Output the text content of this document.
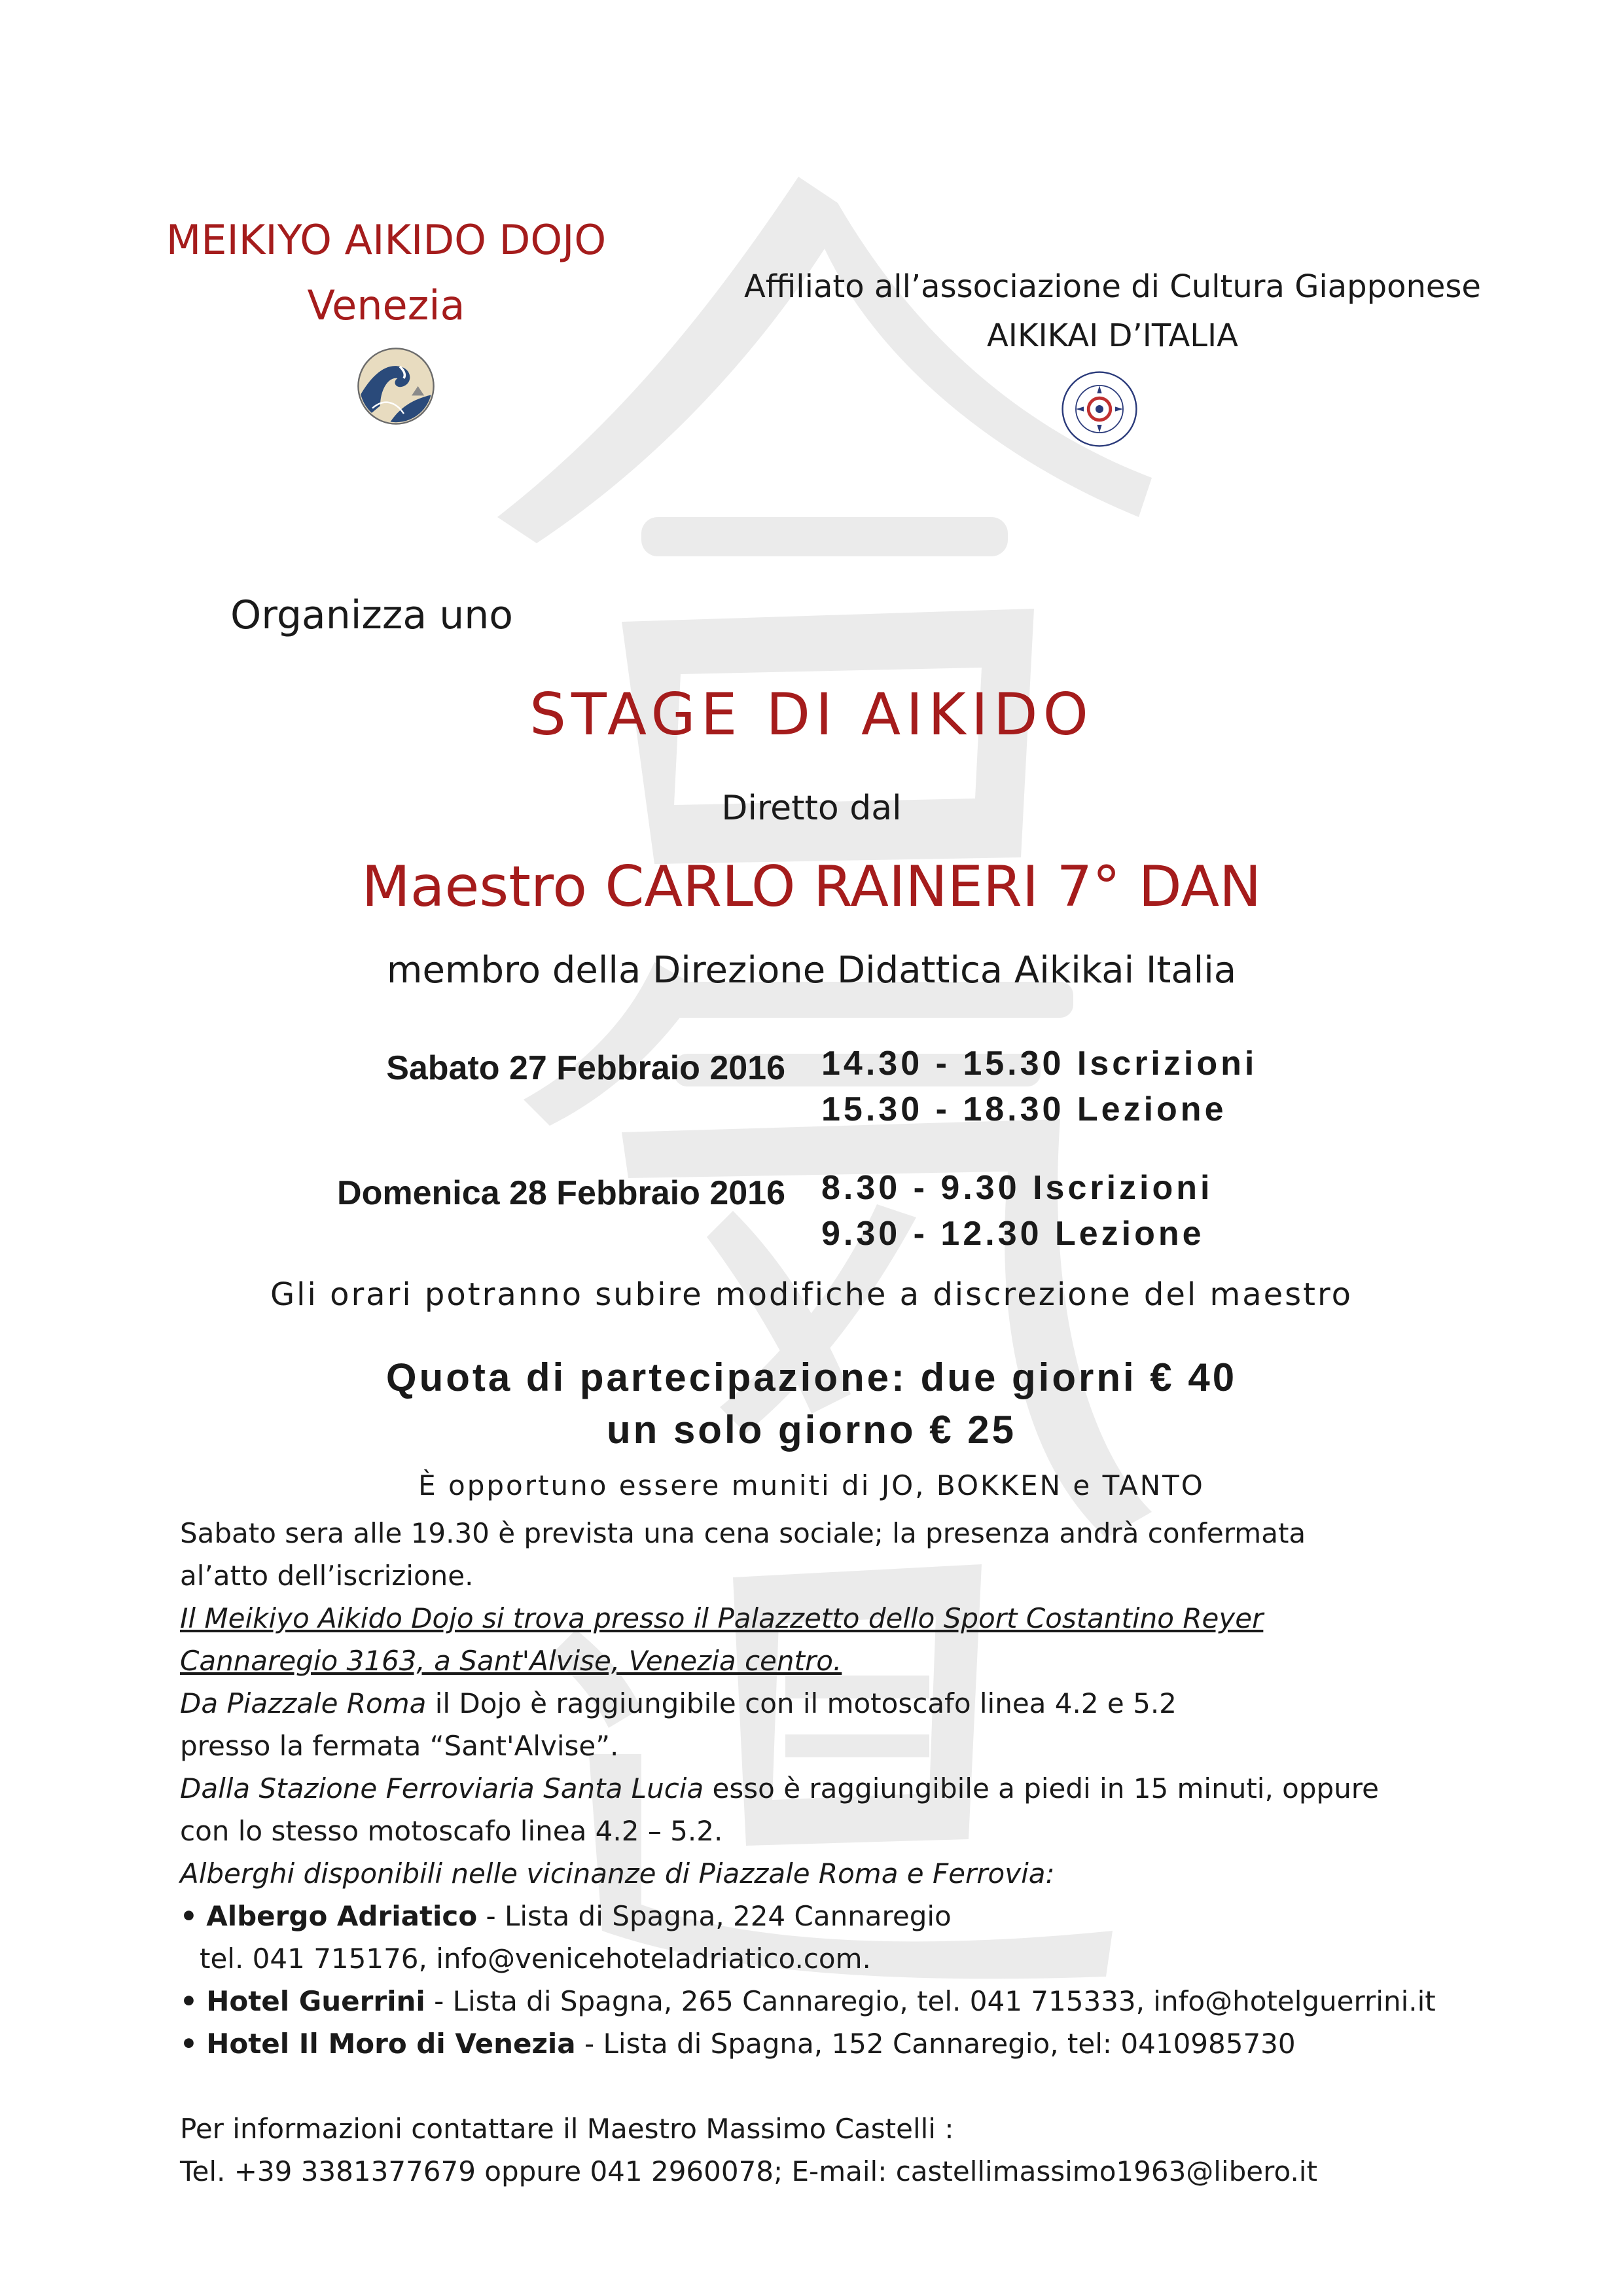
MEIKIYO AIKIDO DOJO
Venezia	Affiliato all’associazione di Cultura Giapponese
AIKIKAI D’ITALIA
Organizza uno
STAGE DI AIKIDO
Diretto dal
Maestro CARLO RAINERI 7° DAN
membro della Direzione Didattica Aikikai Italia
Sabato 27 Febbraio 2016 14.30 - 15.30 Iscrizioni
15.30 - 18.30 Lezione
Domenica 28 Febbraio 2016 8.30 - 9.30 Iscrizioni
9.30 - 12.30 Lezione
Gli orari potranno subire modifiche a discrezione del maestro
Quota di partecipazione: due giorni € 40
un solo giorno € 25
È opportuno essere muniti di JO, BOKKEN e TANTO
Sabato sera alle 19.30 è prevista una cena sociale; la presenza andrà confermata
al’atto dell’iscrizione.
Il Meikiyo Aikido Dojo si trova presso il Palazzetto dello Sport Costantino Reyer
Cannaregio 3163, a Sant'Alvise, Venezia centro.
Da Piazzale Roma il Dojo è raggiungibile con il motoscafo linea 4.2 e 5.2
presso la fermata “Sant'Alvise”.
Dalla Stazione Ferroviaria Santa Lucia esso è raggiungibile a piedi in 15 minuti, oppure
con lo stesso motoscafo linea 4.2 – 5.2.
Alberghi disponibili nelle vicinanze di Piazzale Roma e Ferrovia:
• Albergo Adriatico - Lista di Spagna, 224 Cannaregio
tel. 041 715176, info@venicehoteladriatico.com.
• Hotel Guerrini - Lista di Spagna, 265 Cannaregio, tel. 041 715333, info@hotelguerrini.it
• Hotel Il Moro di Venezia - Lista di Spagna, 152 Cannaregio, tel: 0410985730
Per informazioni contattare il Maestro Massimo Castelli :
Tel. +39 3381377679 oppure 041 2960078; E-mail: castellimassimo1963@libero.it
